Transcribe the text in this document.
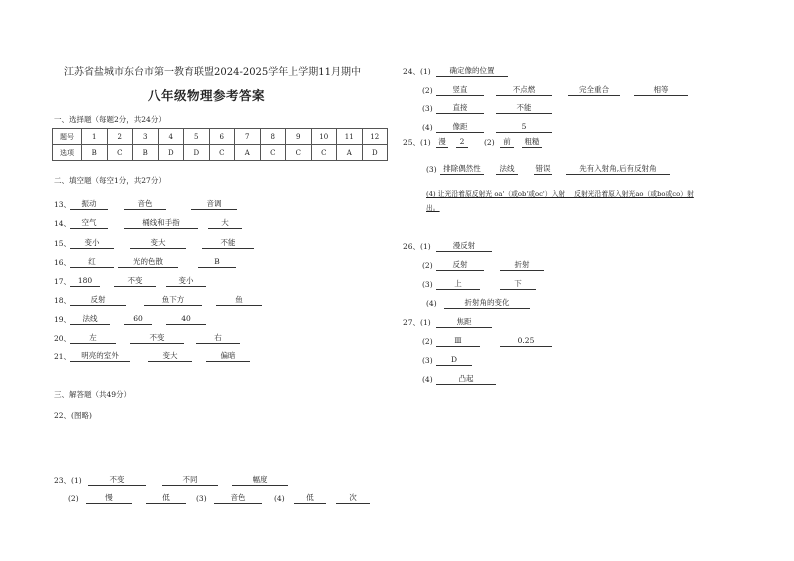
江苏省盐城市东台市第一教育联盟2024-2025学年上学期11月期中
八年级物理参考答案
一、选择题（每题2分，共24分）
题号	1	2	3	4	5	6	7	8	9	10	11	12
选项	B	C	B	D	D	C	A	C	C	C	A	D
二、填空题（每空1分，共27分）
13、	振动	音色	音调
14、	空气	桶线和手指	大
15、	变小	变大	不能
16、	红	光的色散	B
17、 180	不变	变小
18、	反射	鱼下方	鱼
19、	法线	60	40
20、	左	不变	右
21、	明亮的室外	变大	偏暗
三、解答题（共49分）
22、(图略)
23、(1)	不变	不同	幅度
(2)	慢	低	(3)	音色	(4)	低	次
24、(1)	确定像的位置
(2)	竖直	不点燃	完全重合	相等
(3)	直接	不能
(4)	像距	5
25、(1)	漫	2	(2)	前	粗糙
(3) 排除偶然性	法线	错误	先有入射角,后有反射角
(4) 让光沿着原反射光 oa'（或ob'或oc'）入射　 反射光沿着原入射光ao（或bo或co）射
出。
26、(1)	漫反射
(2)	反射	折射
(3)	上	下
(4)	折射角的变化
27、(1)	焦距
(2)	Ⅲ	0.25
(3)	D
(4)	凸起
